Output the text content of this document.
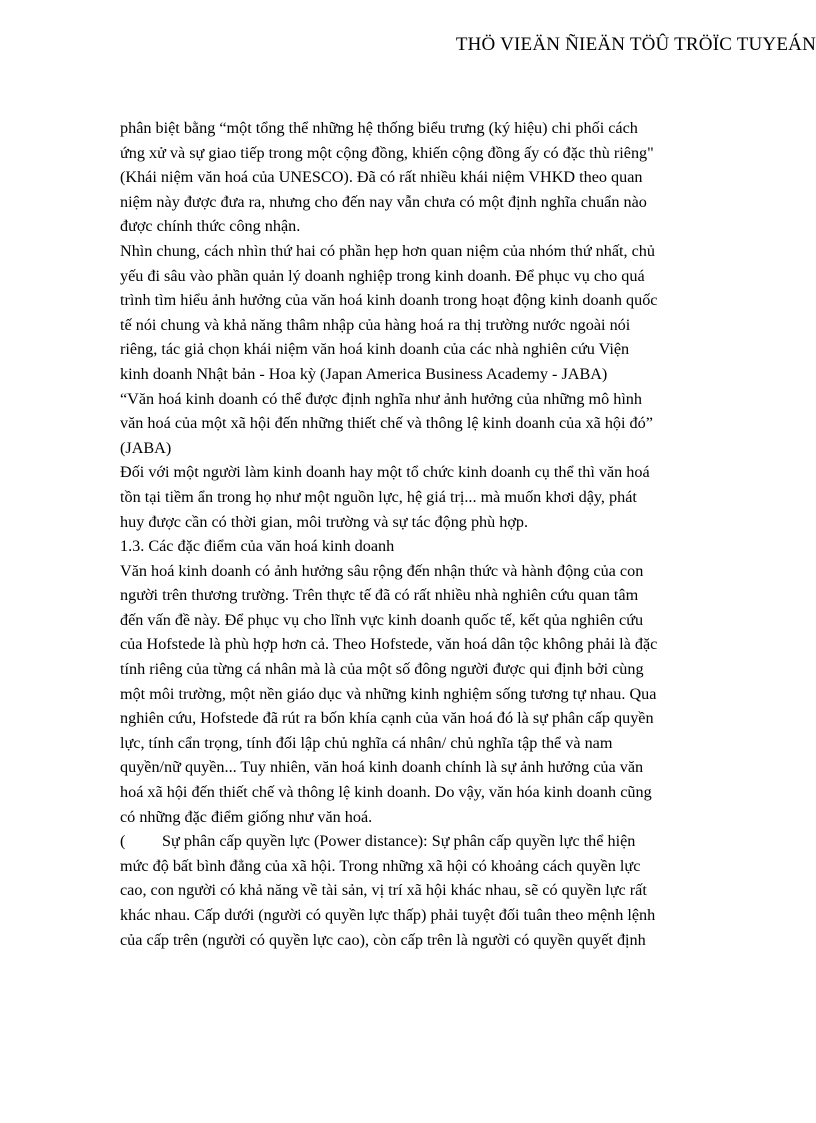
THÖ VIEÄN ÑIEÄN TÖÛ TRÖÏC TUYEÁN
phân biệt bằng “một tổng thể những hệ thống biểu trưng (ký hiệu) chi phối cách
ứng xử và sự giao tiếp trong một cộng đồng, khiến cộng đồng ấy có đặc thù riêng"
(Khái niệm văn hoá của UNESCO). Đã có rất nhiều khái niệm VHKD theo quan
niệm này được đưa ra, nhưng cho đến nay vẫn chưa có một định nghĩa chuẩn nào
được chính thức công nhận.
Nhìn chung, cách nhìn thứ hai có phần hẹp hơn quan niệm của nhóm thứ nhất, chủ
yếu đi sâu vào phần quản lý doanh nghiệp trong kinh doanh. Để phục vụ cho quá
trình tìm hiểu ảnh hưởng của văn hoá kinh doanh trong hoạt động kinh doanh quốc
tế nói chung và khả năng thâm nhập của hàng hoá ra thị trường nước ngoài nói
riêng, tác giả chọn khái niệm văn hoá kinh doanh của các nhà nghiên cứu Viện
kinh doanh Nhật bản - Hoa kỳ (Japan America Business Academy - JABA)
“Văn hoá kinh doanh có thể được định nghĩa như ảnh hưởng của những mô hình
văn hoá của một xã hội đến những thiết chế và thông lệ kinh doanh của xã hội đó”
(JABA)
Đối với một người làm kinh doanh hay một tổ chức kinh doanh cụ thể thì văn hoá
tồn tại tiềm ẩn trong họ như một nguồn lực, hệ giá trị... mà muốn khơi dậy, phát
huy được cần có thời gian, môi trường và sự tác động phù hợp.
1.3. Các đặc điểm của văn hoá kinh doanh
Văn hoá kinh doanh có ảnh hưởng sâu rộng đến nhận thức và hành động của con
người trên thương trường. Trên thực tế đã có rất nhiều nhà nghiên cứu quan tâm
đến vấn đề này. Để phục vụ cho lĩnh vực kinh doanh quốc tế, kết qủa nghiên cứu
của Hofstede là phù hợp hơn cả. Theo Hofstede, văn hoá dân tộc không phải là đặc
tính riêng của từng cá nhân mà là của một số đông người được qui định bởi cùng
một môi trường, một nền giáo dục và những kinh nghiệm sống tương tự nhau. Qua
nghiên cứu, Hofstede đã rút ra bốn khía cạnh của văn hoá đó là sự phân cấp quyền
lực, tính cẩn trọng, tính đối lập chủ nghĩa cá nhân/ chủ nghĩa tập thể và nam
quyền/nữ quyền... Tuy nhiên, văn hoá kinh doanh chính là sự ảnh hưởng của văn
hoá xã hội đến thiết chế và thông lệ kinh doanh. Do vậy, văn hóa kinh doanh cũng
có những đặc điểm giống như văn hoá.
( Sự phân cấp quyền lực (Power distance): Sự phân cấp quyền lực thể hiện
mức độ bất bình đẳng của xã hội. Trong những xã hội có khoảng cách quyền lực
cao, con người có khả năng về tài sản, vị trí xã hội khác nhau, sẽ có quyền lực rất
khác nhau. Cấp dưới (người có quyền lực thấp) phải tuyệt đối tuân theo mệnh lệnh
của cấp trên (người có quyền lực cao), còn cấp trên là người có quyền quyết định
